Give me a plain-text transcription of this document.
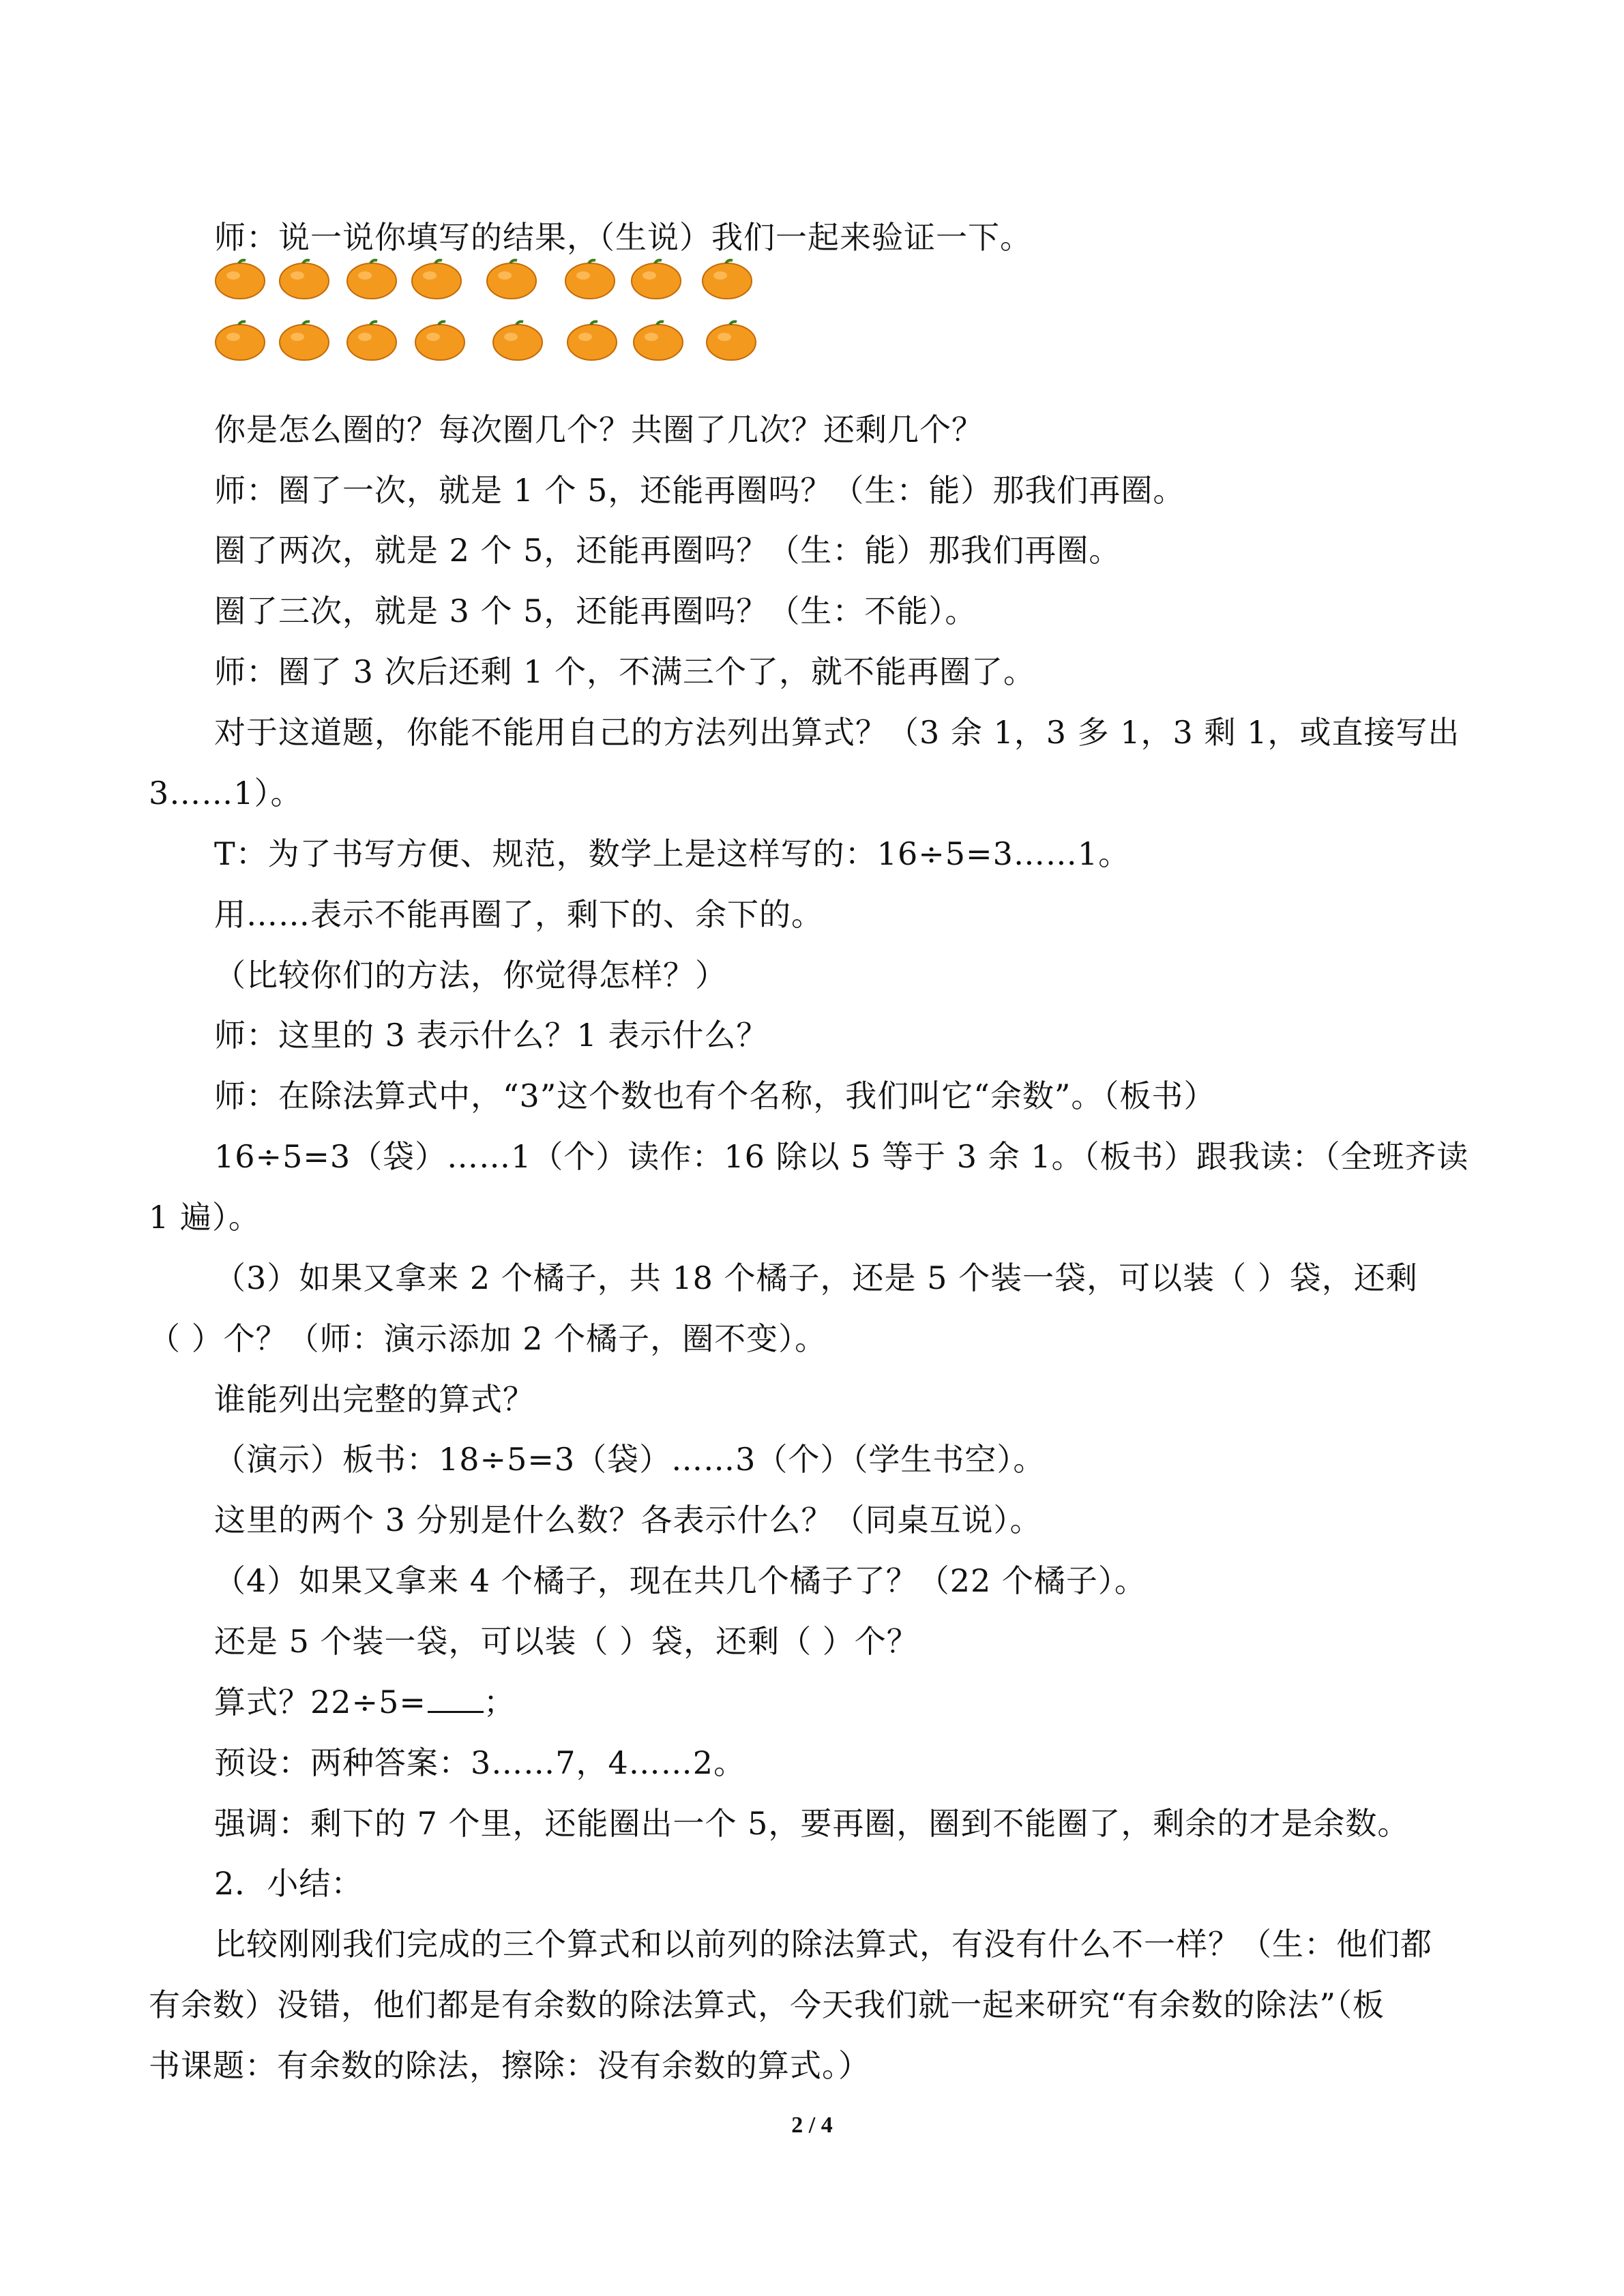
师：说一说你填写的结果，（生说）我们一起来验证一下。
你是怎么圈的？每次圈几个？共圈了几次？还剩几个？
师：圈了一次，就是 1 个 5，还能再圈吗？（生：能）那我们再圈。
圈了两次，就是 2 个 5，还能再圈吗？（生：能）那我们再圈。
圈了三次，就是 3 个 5，还能再圈吗？（生：不能）。
师：圈了 3 次后还剩 1 个，不满三个了，就不能再圈了。
对于这道题，你能不能用自己的方法列出算式？（3 余 1，3 多 1，3 剩 1，或直接写出
3……1）。
T：为了书写方便、规范，数学上是这样写的：16÷5=3……1。
用……表示不能再圈了，剩下的、余下的。
（比较你们的方法，你觉得怎样？）
师：这里的 3 表示什么？1 表示什么？
师：在除法算式中，“3”这个数也有个名称，我们叫它“余数”。（板书）
16÷5=3（袋）……1（个）读作：16 除以 5 等于 3 余 1。（板书）跟我读：（全班齐读
1 遍）。
（3）如果又拿来 2 个橘子，共 18 个橘子，还是 5 个装一袋，可以装（ ）袋，还剩
（ ）个？（师：演示添加 2 个橘子，圈不变）。
谁能列出完整的算式？
（演示）板书：18÷5=3（袋）……3（个）（学生书空）。
这里的两个 3 分别是什么数？各表示什么？（同桌互说）。
（4）如果又拿来 4 个橘子，现在共几个橘子了？（22 个橘子）。
还是 5 个装一袋，可以装（ ）袋，还剩（ ）个？
算式？22÷5= ；
预设：两种答案：3……7，4……2。
强调：剩下的 7 个里，还能圈出一个 5，要再圈，圈到不能圈了，剩余的才是余数。
2．小结：
比较刚刚我们完成的三个算式和以前列的除法算式，有没有什么不一样？（生：他们都
有余数）没错，他们都是有余数的除法算式，今天我们就一起来研究“有余数的除法”（板
书课题：有余数的除法，擦除：没有余数的算式。）
2 / 4
